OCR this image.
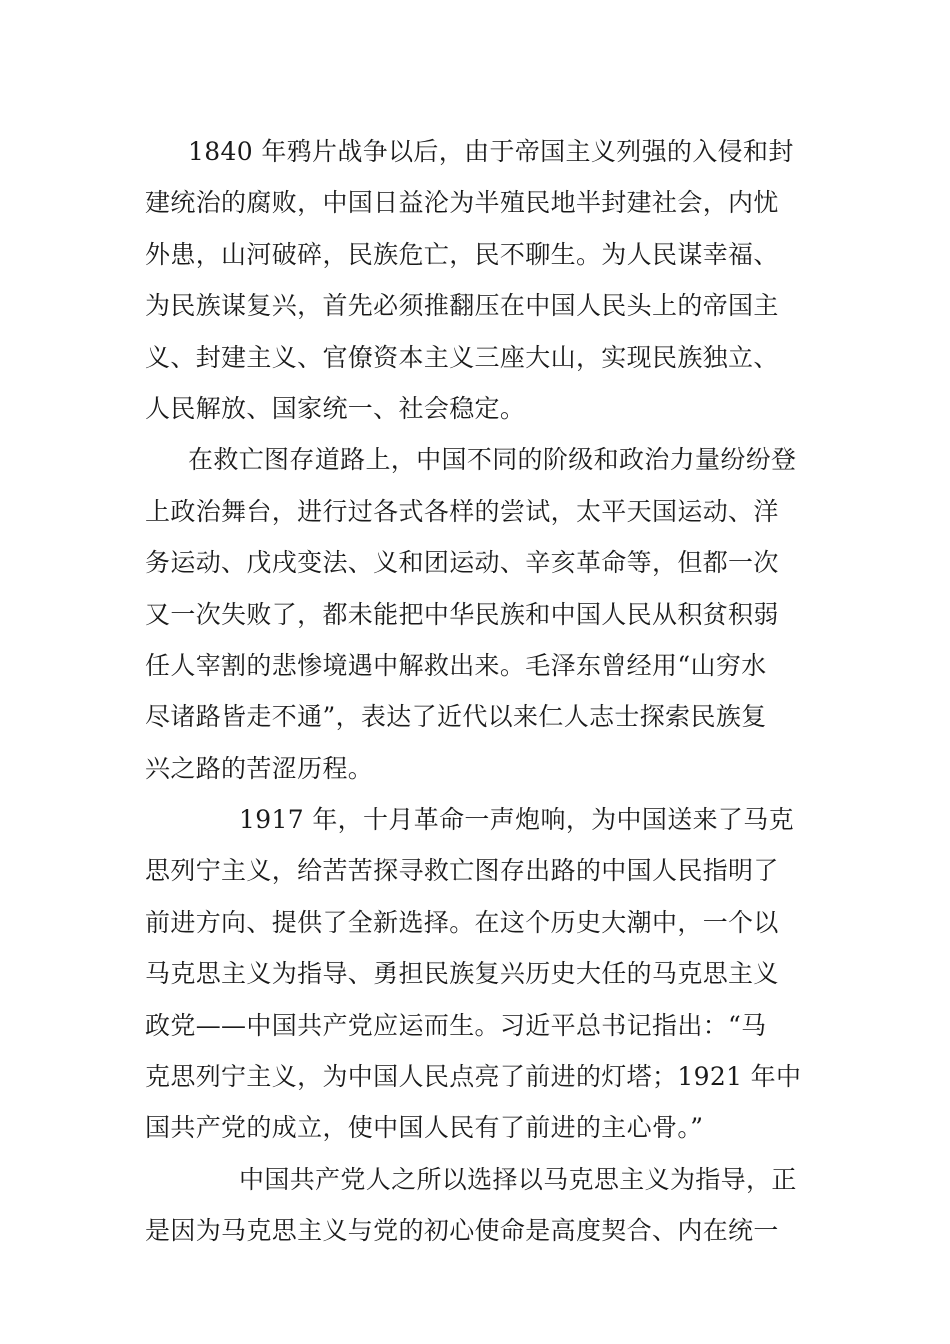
1840 年鸦片战争以后，由于帝国主义列强的入侵和封
建统治的腐败，中国日益沦为半殖民地半封建社会，内忧
外患，山河破碎，民族危亡，民不聊生。为人民谋幸福、
为民族谋复兴，首先必须推翻压在中国人民头上的帝国主
义、封建主义、官僚资本主义三座大山，实现民族独立、
人民解放、国家统一、社会稳定。
在救亡图存道路上，中国不同的阶级和政治力量纷纷登
上政治舞台，进行过各式各样的尝试，太平天国运动、洋
务运动、戊戌变法、义和团运动、辛亥革命等，但都一次
又一次失败了，都未能把中华民族和中国人民从积贫积弱
任人宰割的悲惨境遇中解救出来。毛泽东曾经用“山穷水
尽诸路皆走不通”，表达了近代以来仁人志士探索民族复
兴之路的苦涩历程。
1917 年，十月革命一声炮响，为中国送来了马克
思列宁主义，给苦苦探寻救亡图存出路的中国人民指明了
前进方向、提供了全新选择。在这个历史大潮中，一个以
马克思主义为指导、勇担民族复兴历史大任的马克思主义
政党——中国共产党应运而生。习近平总书记指出：“马
克思列宁主义，为中国人民点亮了前进的灯塔；1921 年中
国共产党的成立，使中国人民有了前进的主心骨。”
中国共产党人之所以选择以马克思主义为指导，正
是因为马克思主义与党的初心使命是高度契合、内在统一
